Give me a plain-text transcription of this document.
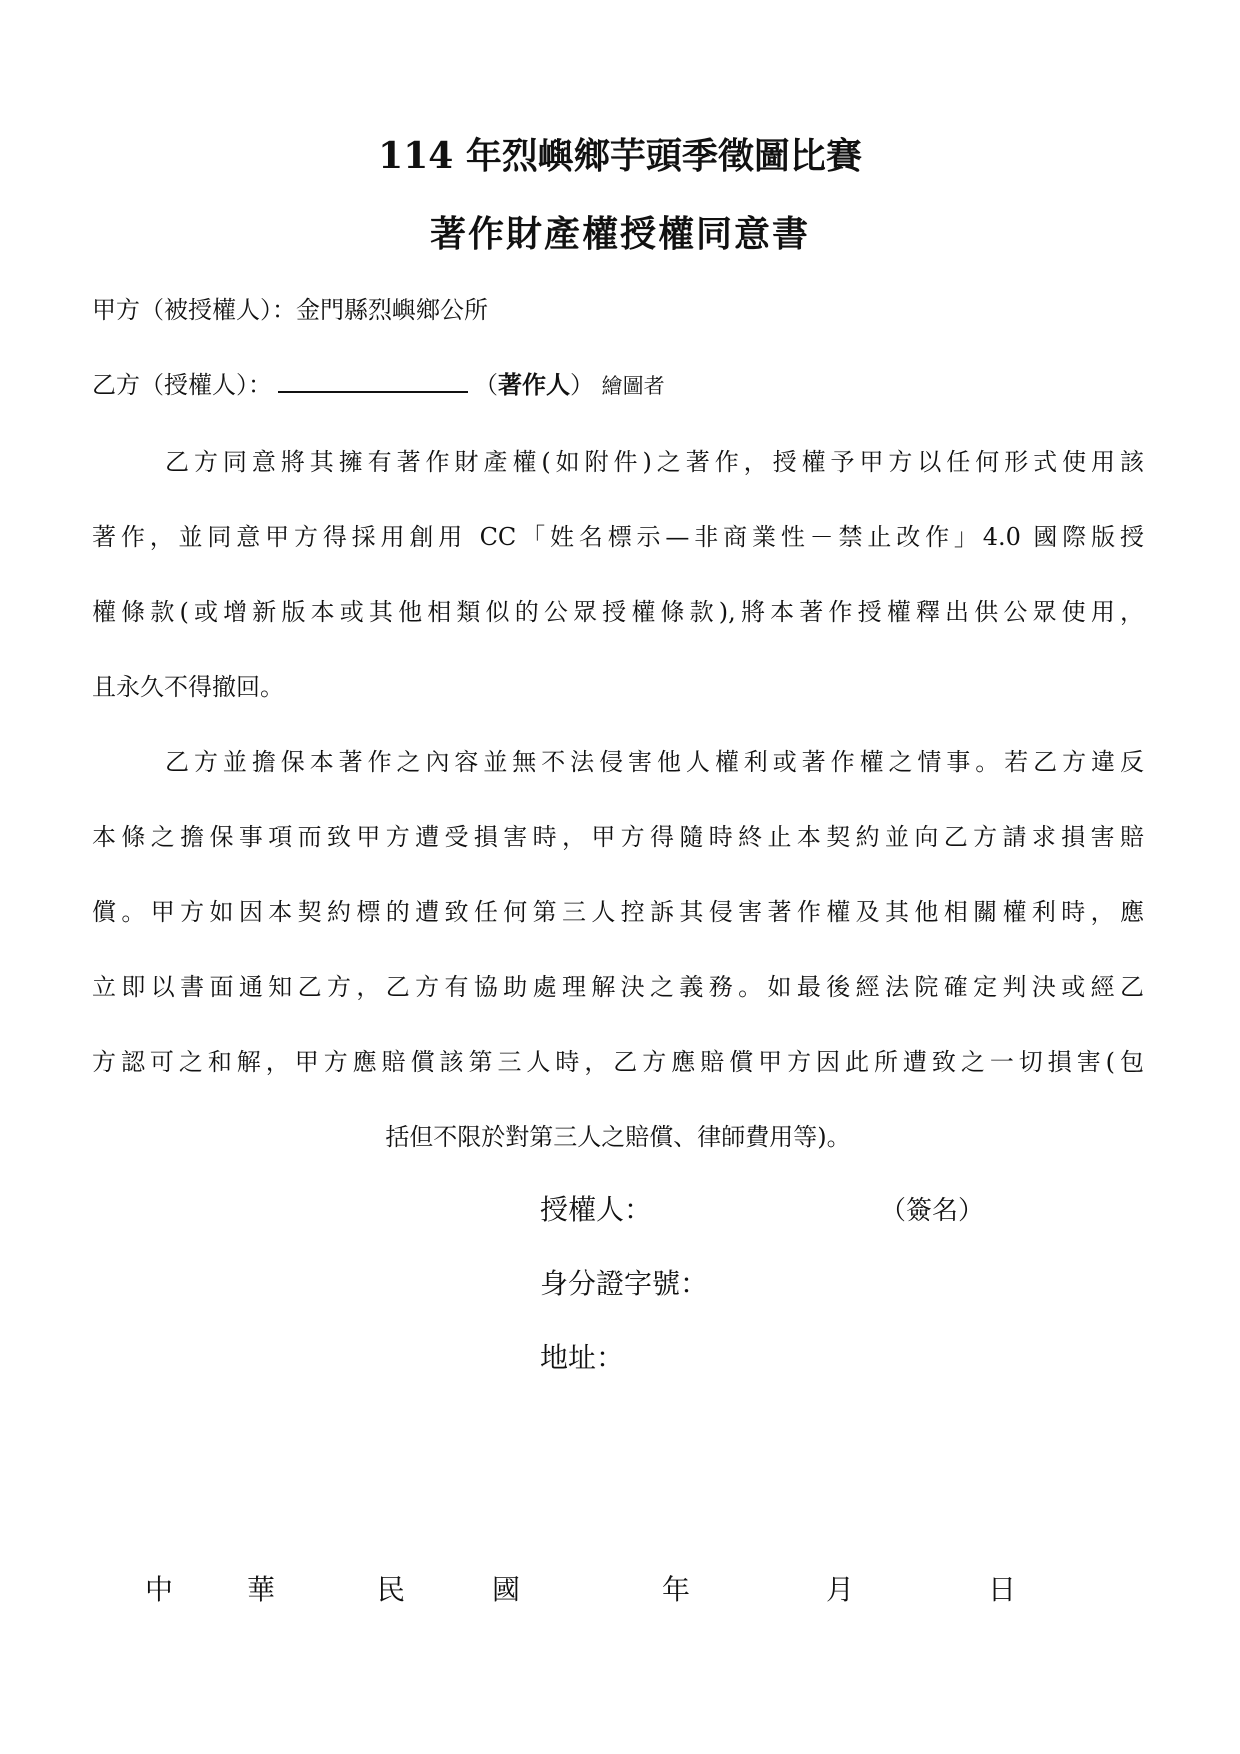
114 年烈嶼鄉芋頭季徵圖比賽
著作財產權授權同意書

甲方（被授權人）：金門縣烈嶼鄉公所

乙方（授權人）：	（著作人） 繪圖者

乙方同意將其擁有著作財產權(如附件)之著作，授權予甲方以任何形式使用該

著作，並同意甲方得採用創用 CC「姓名標示—非商業性－禁止改作」4.0 國際版授

權條款(或增新版本或其他相類似的公眾授權條款),將本著作授權釋出供公眾使用，

且永久不得撤回。

乙方並擔保本著作之內容並無不法侵害他人權利或著作權之情事。若乙方違反

本條之擔保事項而致甲方遭受損害時，甲方得隨時終止本契約並向乙方請求損害賠

償。甲方如因本契約標的遭致任何第三人控訴其侵害著作權及其他相關權利時，應

立即以書面通知乙方，乙方有協助處理解決之義務。如最後經法院確定判決或經乙

方認可之和解，甲方應賠償該第三人時，乙方應賠償甲方因此所遭致之一切損害(包

括但不限於對第三人之賠償、律師費用等)。

授權人：	（簽名）

身分證字號：

地址：

中	華	民	國	年	月	日
